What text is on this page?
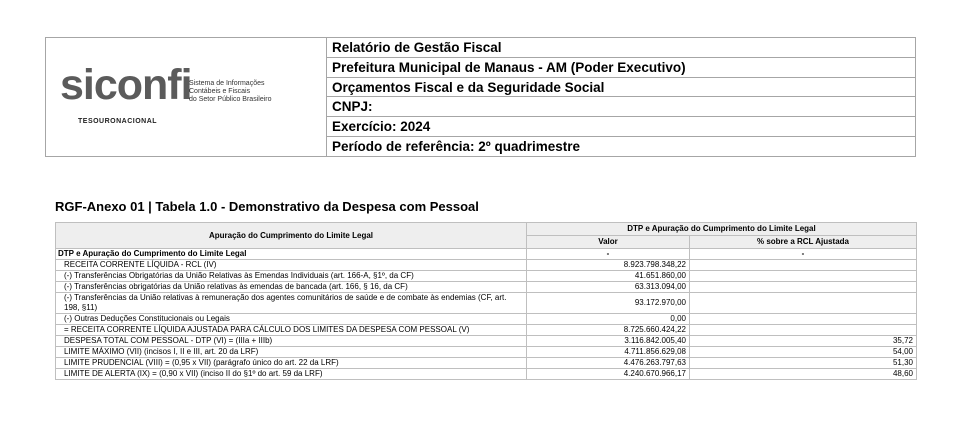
siconfi
Sistema de Informações
Contábeis e Fiscais
do Setor Público Brasileiro
TESOURONACIONAL
Relatório de Gestão Fiscal
Prefeitura Municipal de Manaus - AM (Poder Executivo)
Orçamentos Fiscal e da Seguridade Social
CNPJ:
Exercício: 2024
Período de referência: 2º quadrimestre
RGF-Anexo 01 | Tabela 1.0 - Demonstrativo da Despesa com Pessoal
Apuração do Cumprimento do Limite Legal	DTP e Apuração do Cumprimento do Limite Legal	
	Valor	% sobre a RCL Ajustada
DTP e Apuração do Cumprimento do Limite Legal	-	-
RECEITA CORRENTE LÍQUIDA - RCL (IV)	8.923.798.348,22	
(-) Transferências Obrigatórias da União Relativas às Emendas Individuais (art. 166-A, §1º, da CF)	41.651.860,00	
(-) Transferências obrigatórias da União relativas às emendas de bancada (art. 166, § 16, da CF)	63.313.094,00	
(-) Transferências da União relativas à remuneração dos agentes comunitários de saúde e de combate às endemias (CF, art. 198, §11)	93.172.970,00	
(-) Outras Deduções Constitucionais ou Legais	0,00	
= RECEITA CORRENTE LÍQUIDA AJUSTADA PARA CÁLCULO DOS LIMITES DA DESPESA COM PESSOAL (V)	8.725.660.424,22	
DESPESA TOTAL COM PESSOAL - DTP (VI) = (IIIa + IIIb)	3.116.842.005,40	35,72
LIMITE MÁXIMO (VII) (incisos I, II e III, art. 20 da LRF)	4.711.856.629,08	54,00
LIMITE PRUDENCIAL (VIII) = (0,95 x VII) (parágrafo único do art. 22 da LRF)	4.476.263.797,63	51,30
LIMITE DE ALERTA (IX) = (0,90 x VII) (inciso II do §1º do art. 59 da LRF)	4.240.670.966,17	48,60
